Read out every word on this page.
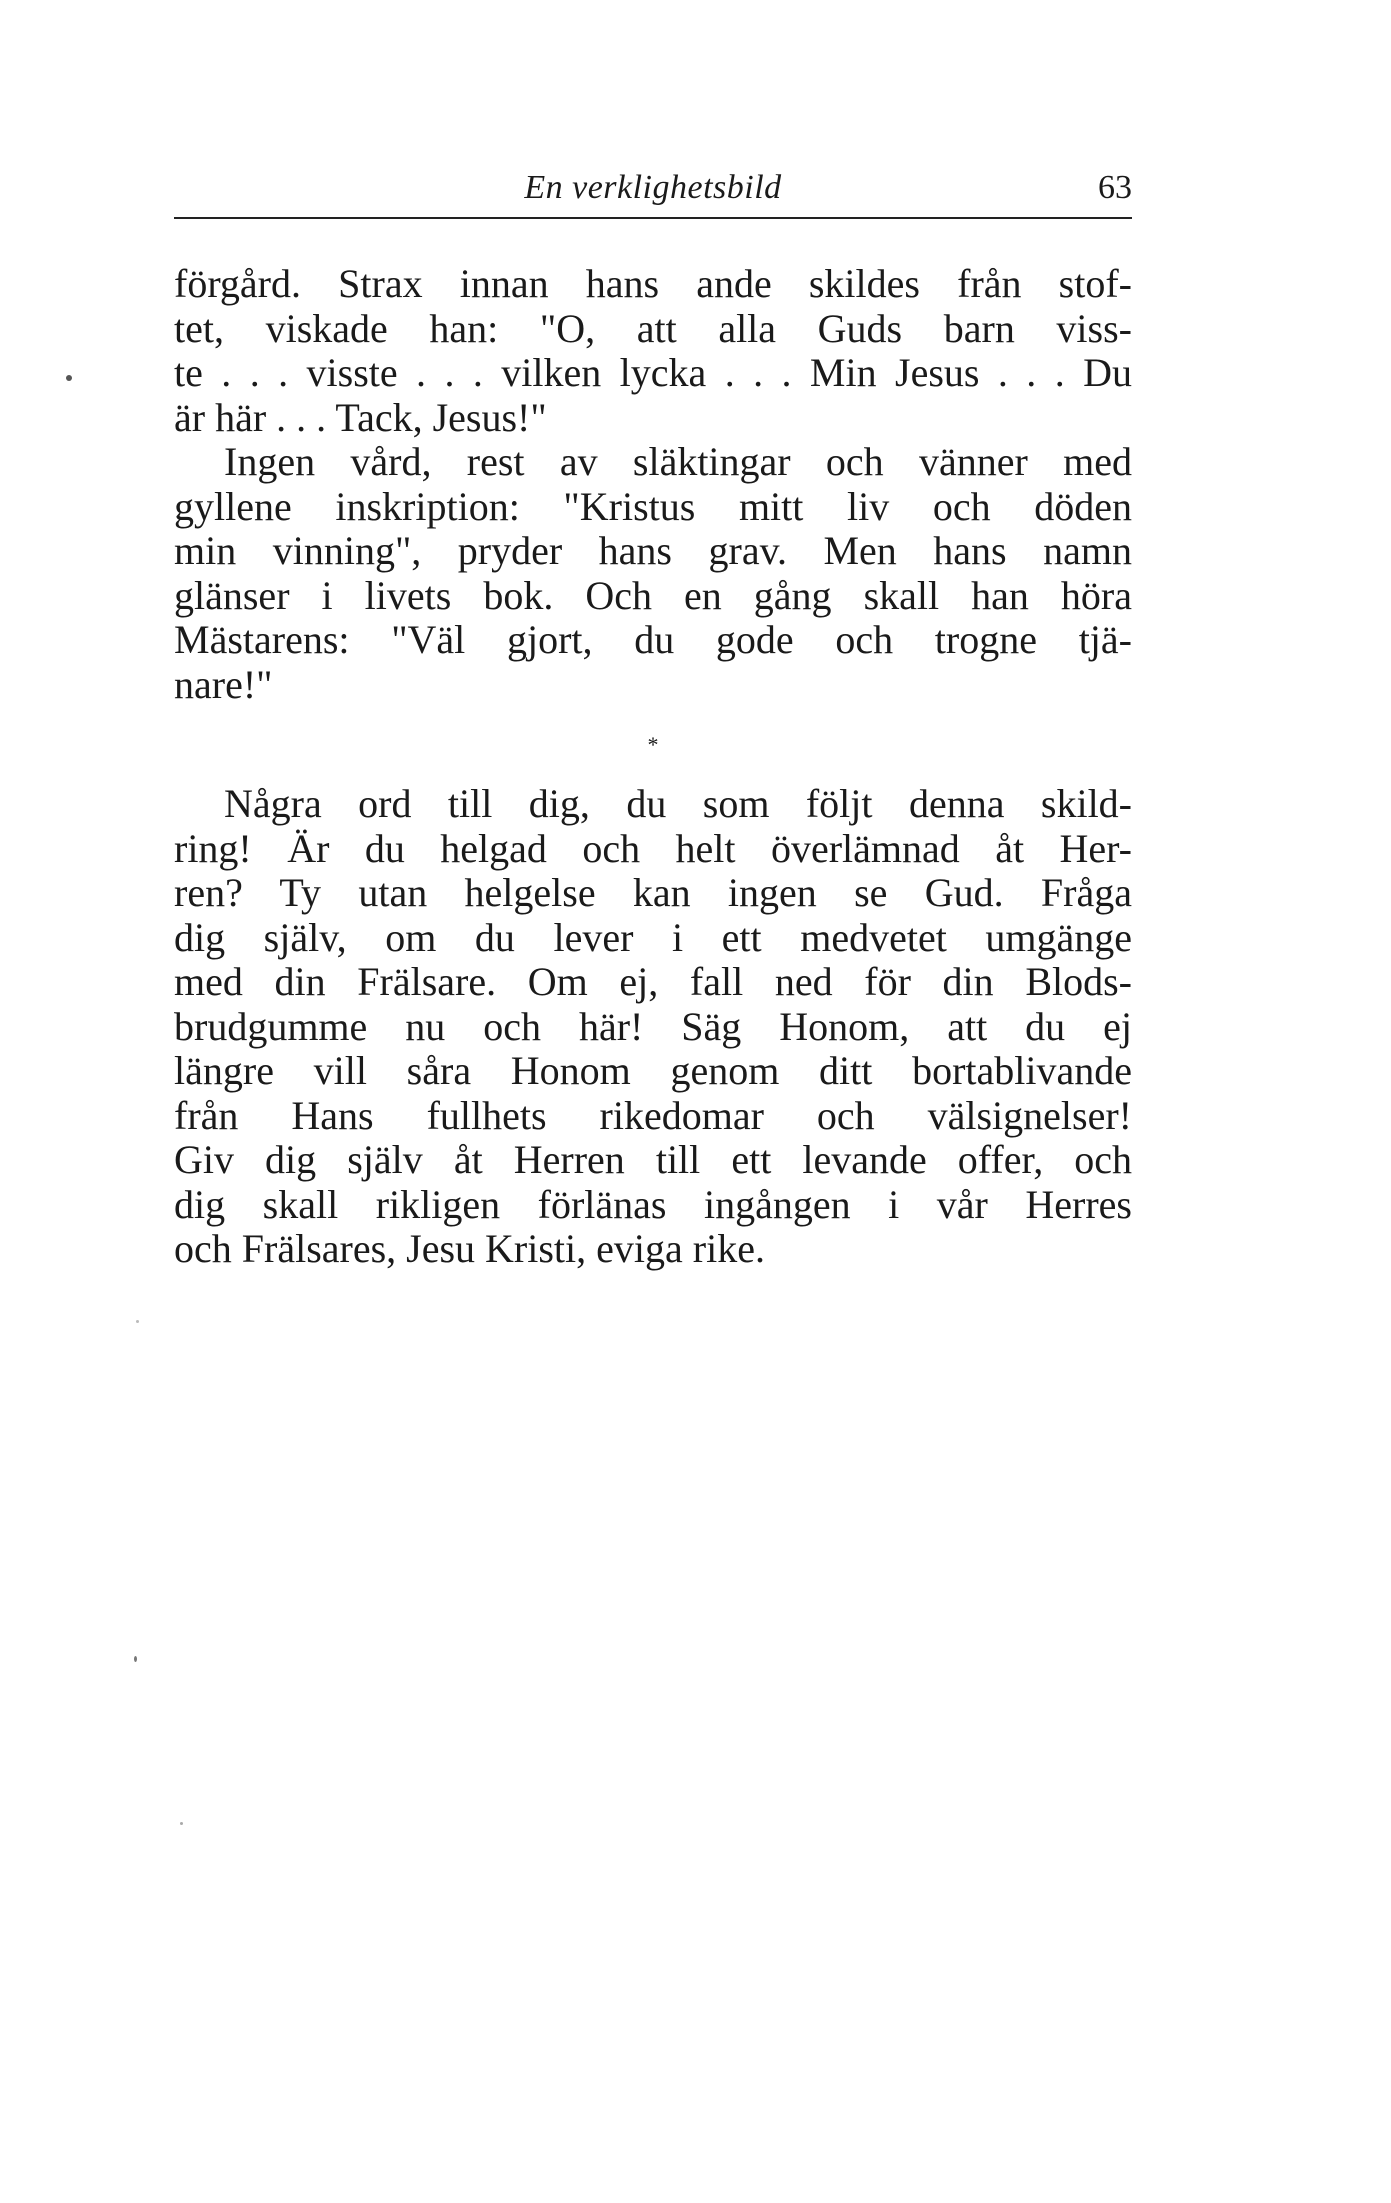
En verklighetsbild	63
förgård. Strax innan hans ande skildes från stof-
tet, viskade han: "O, att alla Guds barn viss-
te . . . visste . . . vilken lycka . . . Min Jesus . . . Du
är här . . . Tack, Jesus!"
Ingen vård, rest av släktingar och vänner med
gyllene inskription: "Kristus mitt liv och döden
min vinning", pryder hans grav. Men hans namn
glänser i livets bok. Och en gång skall han höra
Mästarens: "Väl gjort, du gode och trogne tjä-
nare!"
*
Några ord till dig, du som följt denna skild-
ring! Är du helgad och helt överlämnad åt Her-
ren? Ty utan helgelse kan ingen se Gud. Fråga
dig själv, om du lever i ett medvetet umgänge
med din Frälsare. Om ej, fall ned för din Blods-
brudgumme nu och här! Säg Honom, att du ej
längre vill såra Honom genom ditt bortablivande
från Hans fullhets rikedomar och välsignelser!
Giv dig själv åt Herren till ett levande offer, och
dig skall rikligen förlänas ingången i vår Herres
och Frälsares, Jesu Kristi, eviga rike.
